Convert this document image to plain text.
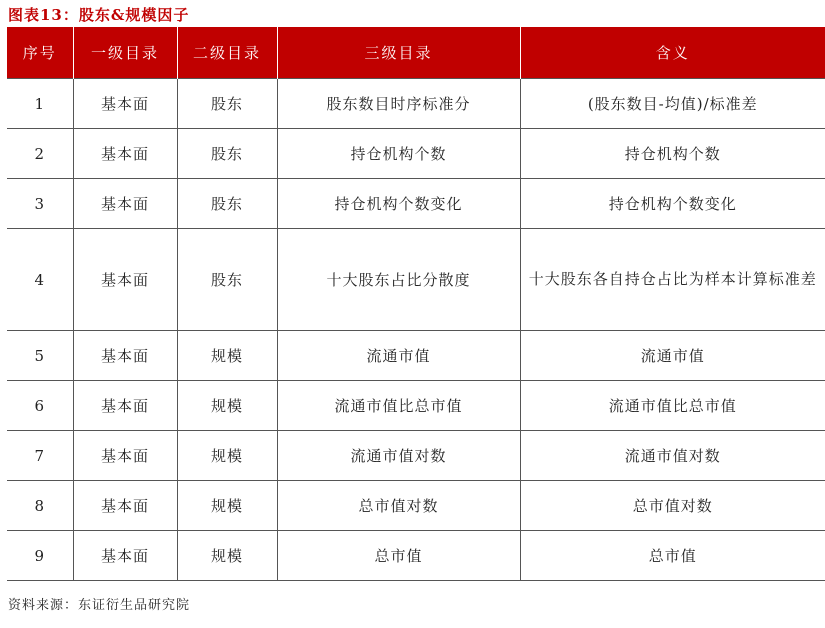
图表13：股东&规模因子
序号	一级目录	二级目录	三级目录	含义
1	基本面	股东	股东数目时序标准分	(股东数目-均值)/标准差
2	基本面	股东	持仓机构个数	持仓机构个数
3	基本面	股东	持仓机构个数变化	持仓机构个数变化
4	基本面	股东	十大股东占比分散度	十大股东各自持仓占比为样本计算标准差
5	基本面	规模	流通市值	流通市值
6	基本面	规模	流通市值比总市值	流通市值比总市值
7	基本面	规模	流通市值对数	流通市值对数
8	基本面	规模	总市值对数	总市值对数
9	基本面	规模	总市值	总市值
资料来源：东证衍生品研究院
